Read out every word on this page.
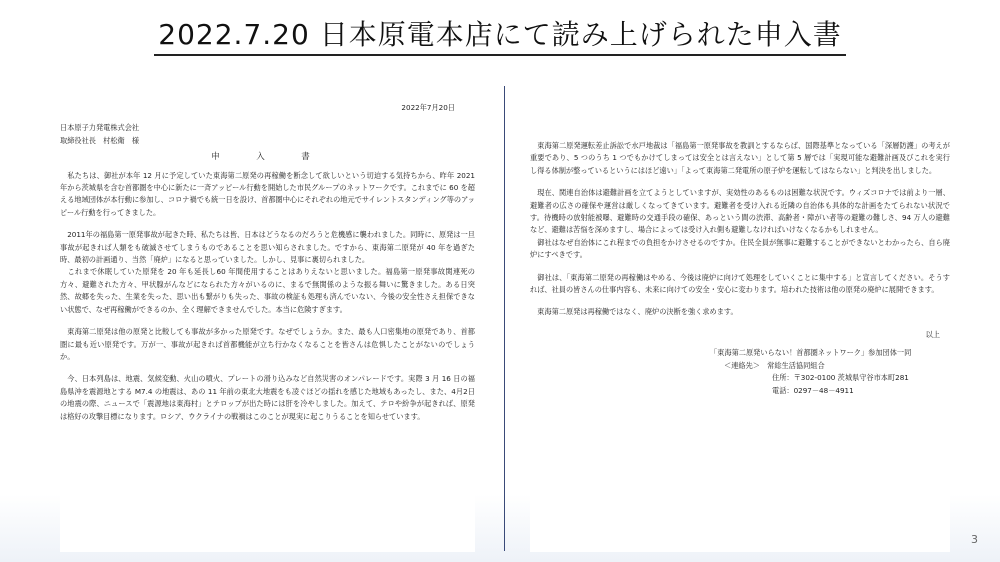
2022.7.20 日本原電本店にて読み上げられた申入書
2022年7月20日
日本原子力発電株式会社
取締役社長　村松衛　様
申　入　書

　私たちは、御社が本年 12 月に予定していた東海第二原発の再稼働を断念して欲しいという切迫する気持ちから、昨年 2021 年から茨城県を含む首都圏を中心に新たに一斉アッピール行動を開始した市民グループのネットワークです。これまでに 60 を超える地域団体が本行動に参加し、コロナ禍でも統一日を設け、首都圏中心にそれぞれの地元でサイレントスタンディング等のアッピール行動を行ってきました。

　2011年の福島第一原発事故が起きた時、私たちは皆、日本はどうなるのだろうと危機感に襲われました。同時に、原発は一旦事故が起きれば人類をも破滅させてしまうものであることを思い知らされました。ですから、東海第二原発が 40 年を過ぎた時、最初の計画通り、当然「廃炉」になると思っていました。しかし、見事に裏切られました。
　これまで休眠していた原発を 20 年も延長し60 年間使用することはありえないと思いました。福島第一原発事故関連死の方々、避難された方々、甲状腺がんなどになられた方々がいるのに、まるで無関係のような振る舞いに驚きました。ある日突然、故郷を失った、生業を失った、思い出も繋がりも失った、事故の検証も処理も済んでいない、今後の安全性さえ担保できない状態で、なぜ再稼働ができるのか、全く理解できませんでした。本当に危険すぎます。

　東海第二原発は他の原発と比較しても事故が多かった原発です。なぜでしょうか。また、最も人口密集地の原発であり、首都圏に最も近い原発です。万が一、事故が起きれば首都機能が立ち行かなくなることを皆さんは危惧したことがないのでしょうか。

　今、日本列島は、地震、気候変動、火山の噴火、プレートの滑り込みなど自然災害のオンパレードです。実際 3 月 16 日の福島県沖を震源地とする M7.4 の地震は、あの 11 年前の東北大地震をも凌ぐほどの揺れを感じた地域もあったし、また、4月2日の地震の際、ニュースで「震源地は東海村」とテロップが出た時には肝を冷やしました。加えて、テロや紛争が起きれば、原発は格好の攻撃目標になります。ロシア、ウクライナの戦禍はこのことが現実に起こりうることを知らせています。

　東海第二原発運転差止訴訟で水戸地裁は「福島第一原発事故を教訓とするならば、国際基準となっている「深層防護」の考えが重要であり、5 つのうち 1 つでもかけてしまっては安全とは言えない」として第 5 層では「実現可能な避難計画及びこれを実行し得る体制が整っているというにはほど遠い」「よって東海第二発電所の原子炉を運転してはならない」と判決を出しました。

　現在、関連自治体は避難計画を立てようとしていますが、実効性のあるものは困難な状況です。ウィズコロナでは前より一層、避難者の広さの確保や運営は厳しくなってきています。避難者を受け入れる近隣の自治体も具体的な計画をたてられない状況です。待機時の放射能被曝、避難時の交通手段の確保、あっという間の渋滞、高齢者・障がい者等の避難の難しさ、94 万人の避難など、避難は苦悩を深めますし、場合によっては受け入れ側も避難しなければいけなくなるかもしれません。
　御社はなぜ自治体にこれ程までの負担をかけさせるのですか。住民全員が無事に避難することができないとわかったら、自ら廃炉にすべきです。

　御社は、「東海第二原発の再稼働はやめる、今後は廃炉に向けて処理をしていくことに集中する」と宣言してください。そうすれば、社員の皆さんの仕事内容も、未来に向けての安全・安心に変わります。培われた技術は他の原発の廃炉に展開できます。

　東海第二原発は再稼働ではなく、廃炉の決断を強く求めます。

以上
「東海第二原発いらない！首都圏ネットワーク」参加団体一同
＜連絡先＞　常総生活協同組合
住所：〒302-0100 茨城県守谷市本町281
電話：0297－48－4911
3
